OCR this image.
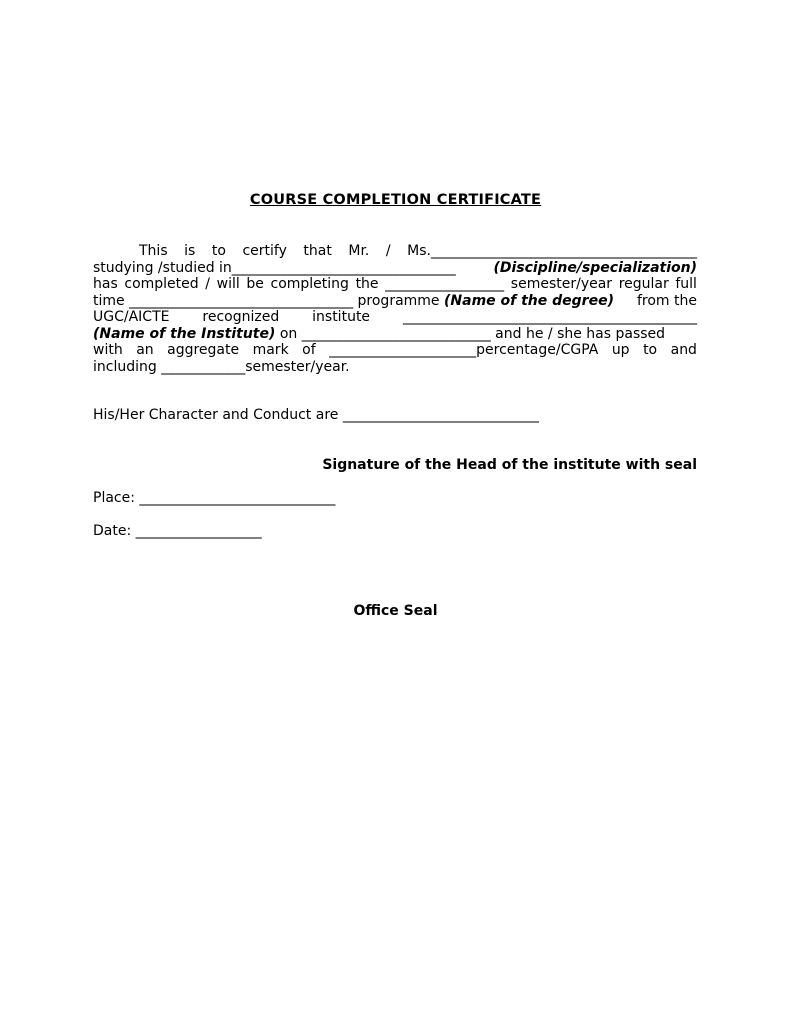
COURSE COMPLETION CERTIFICATE
This is to certify that Mr. / Ms.______________________________________
studying /studied in________________________________ (Discipline/specialization)
has completed / will be completing the _________________ semester/year regular full
time ________________________________ programme (Name of the degree) from the
UGC/AICTE recognized institute __________________________________________
(Name of the Institute) on ___________________________ and he / she has passed
with an aggregate mark of _____________________percentage/CGPA up to and
including ____________semester/year.
His/Her Character and Conduct are ____________________________
Signature of the Head of the institute with seal
Place: ____________________________
Date: __________________
Office Seal
